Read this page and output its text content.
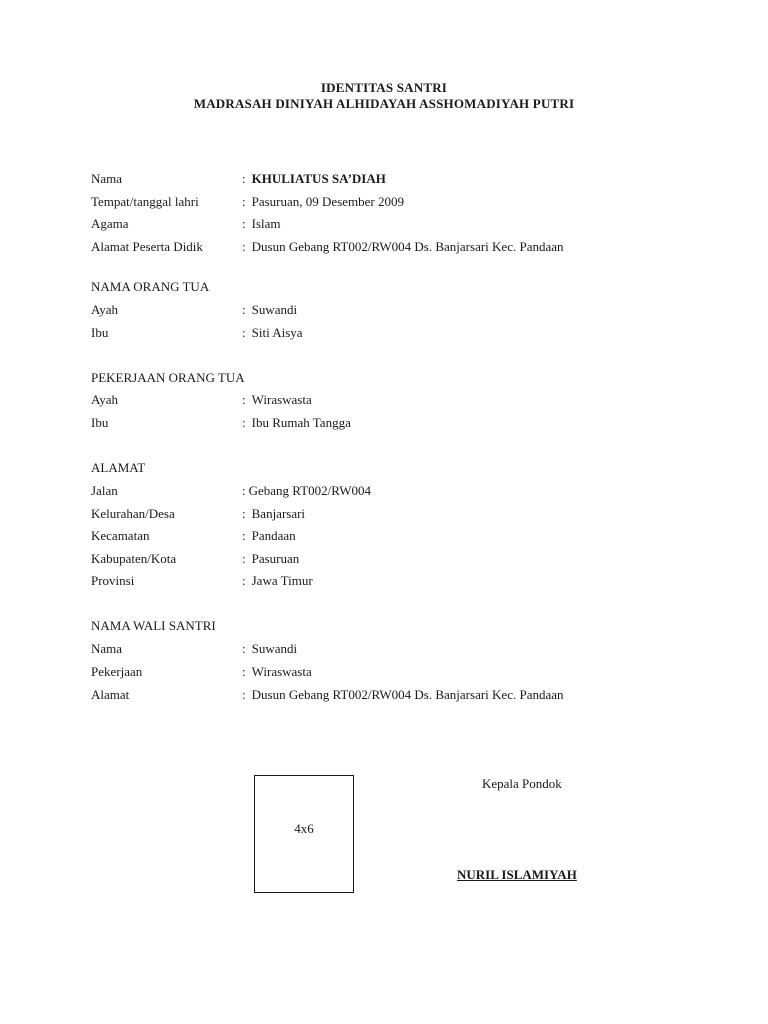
IDENTITAS SANTRI
MADRASAH DINIYAH ALHIDAYAH ASSHOMADIYAH PUTRI
Nama	: KHULIATUS SA’DIAH
Tempat/tanggal lahri	: Pasuruan, 09 Desember 2009
Agama	: Islam
Alamat Peserta Didik	: Dusun Gebang RT002/RW004 Ds. Banjarsari Kec. Pandaan
NAMA ORANG TUA
Ayah	: Suwandi
Ibu	: Siti Aisya
PEKERJAAN ORANG TUA
Ayah	: Wiraswasta
Ibu	: Ibu Rumah Tangga
ALAMAT
Jalan	: Gebang RT002/RW004
Kelurahan/Desa	: Banjarsari
Kecamatan	: Pandaan
Kabupaten/Kota	: Pasuruan
Provinsi	: Jawa Timur
NAMA WALI SANTRI
Nama	: Suwandi
Pekerjaan	: Wiraswasta
Alamat	: Dusun Gebang RT002/RW004 Ds. Banjarsari Kec. Pandaan
4x6
Kepala Pondok
NURIL ISLAMIYAH
